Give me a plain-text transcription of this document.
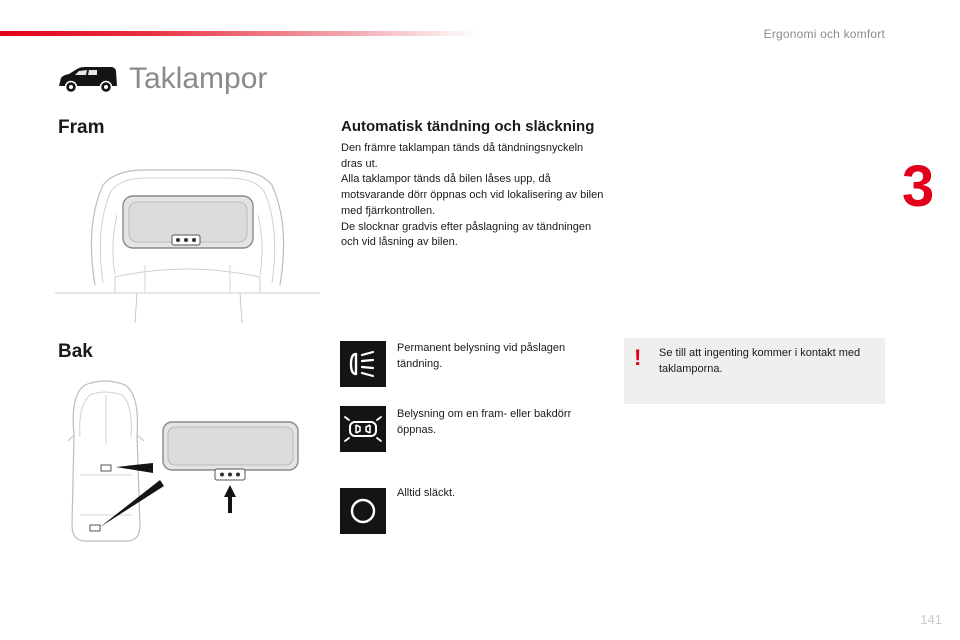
Ergonomi och komfort
3
Taklampor
Fram	Automatisk tändning och släckning

Den främre taklampan tänds då tändningsnyckeln dras ut.

Alla taklampor tänds då bilen låses upp, då motsvarande dörr öppnas och vid lokalisering av bilen med fjärrkontrollen.

De slocknar gradvis efter påslagning av tändningen och vid låsning av bilen.

Bak	Permanent belysning vid påslagen tändning.
Belysning om en fram- eller bakdörr öppnas.
Alltid släckt.
! Se till att ingenting kommer i kontakt med taklamporna.
141
